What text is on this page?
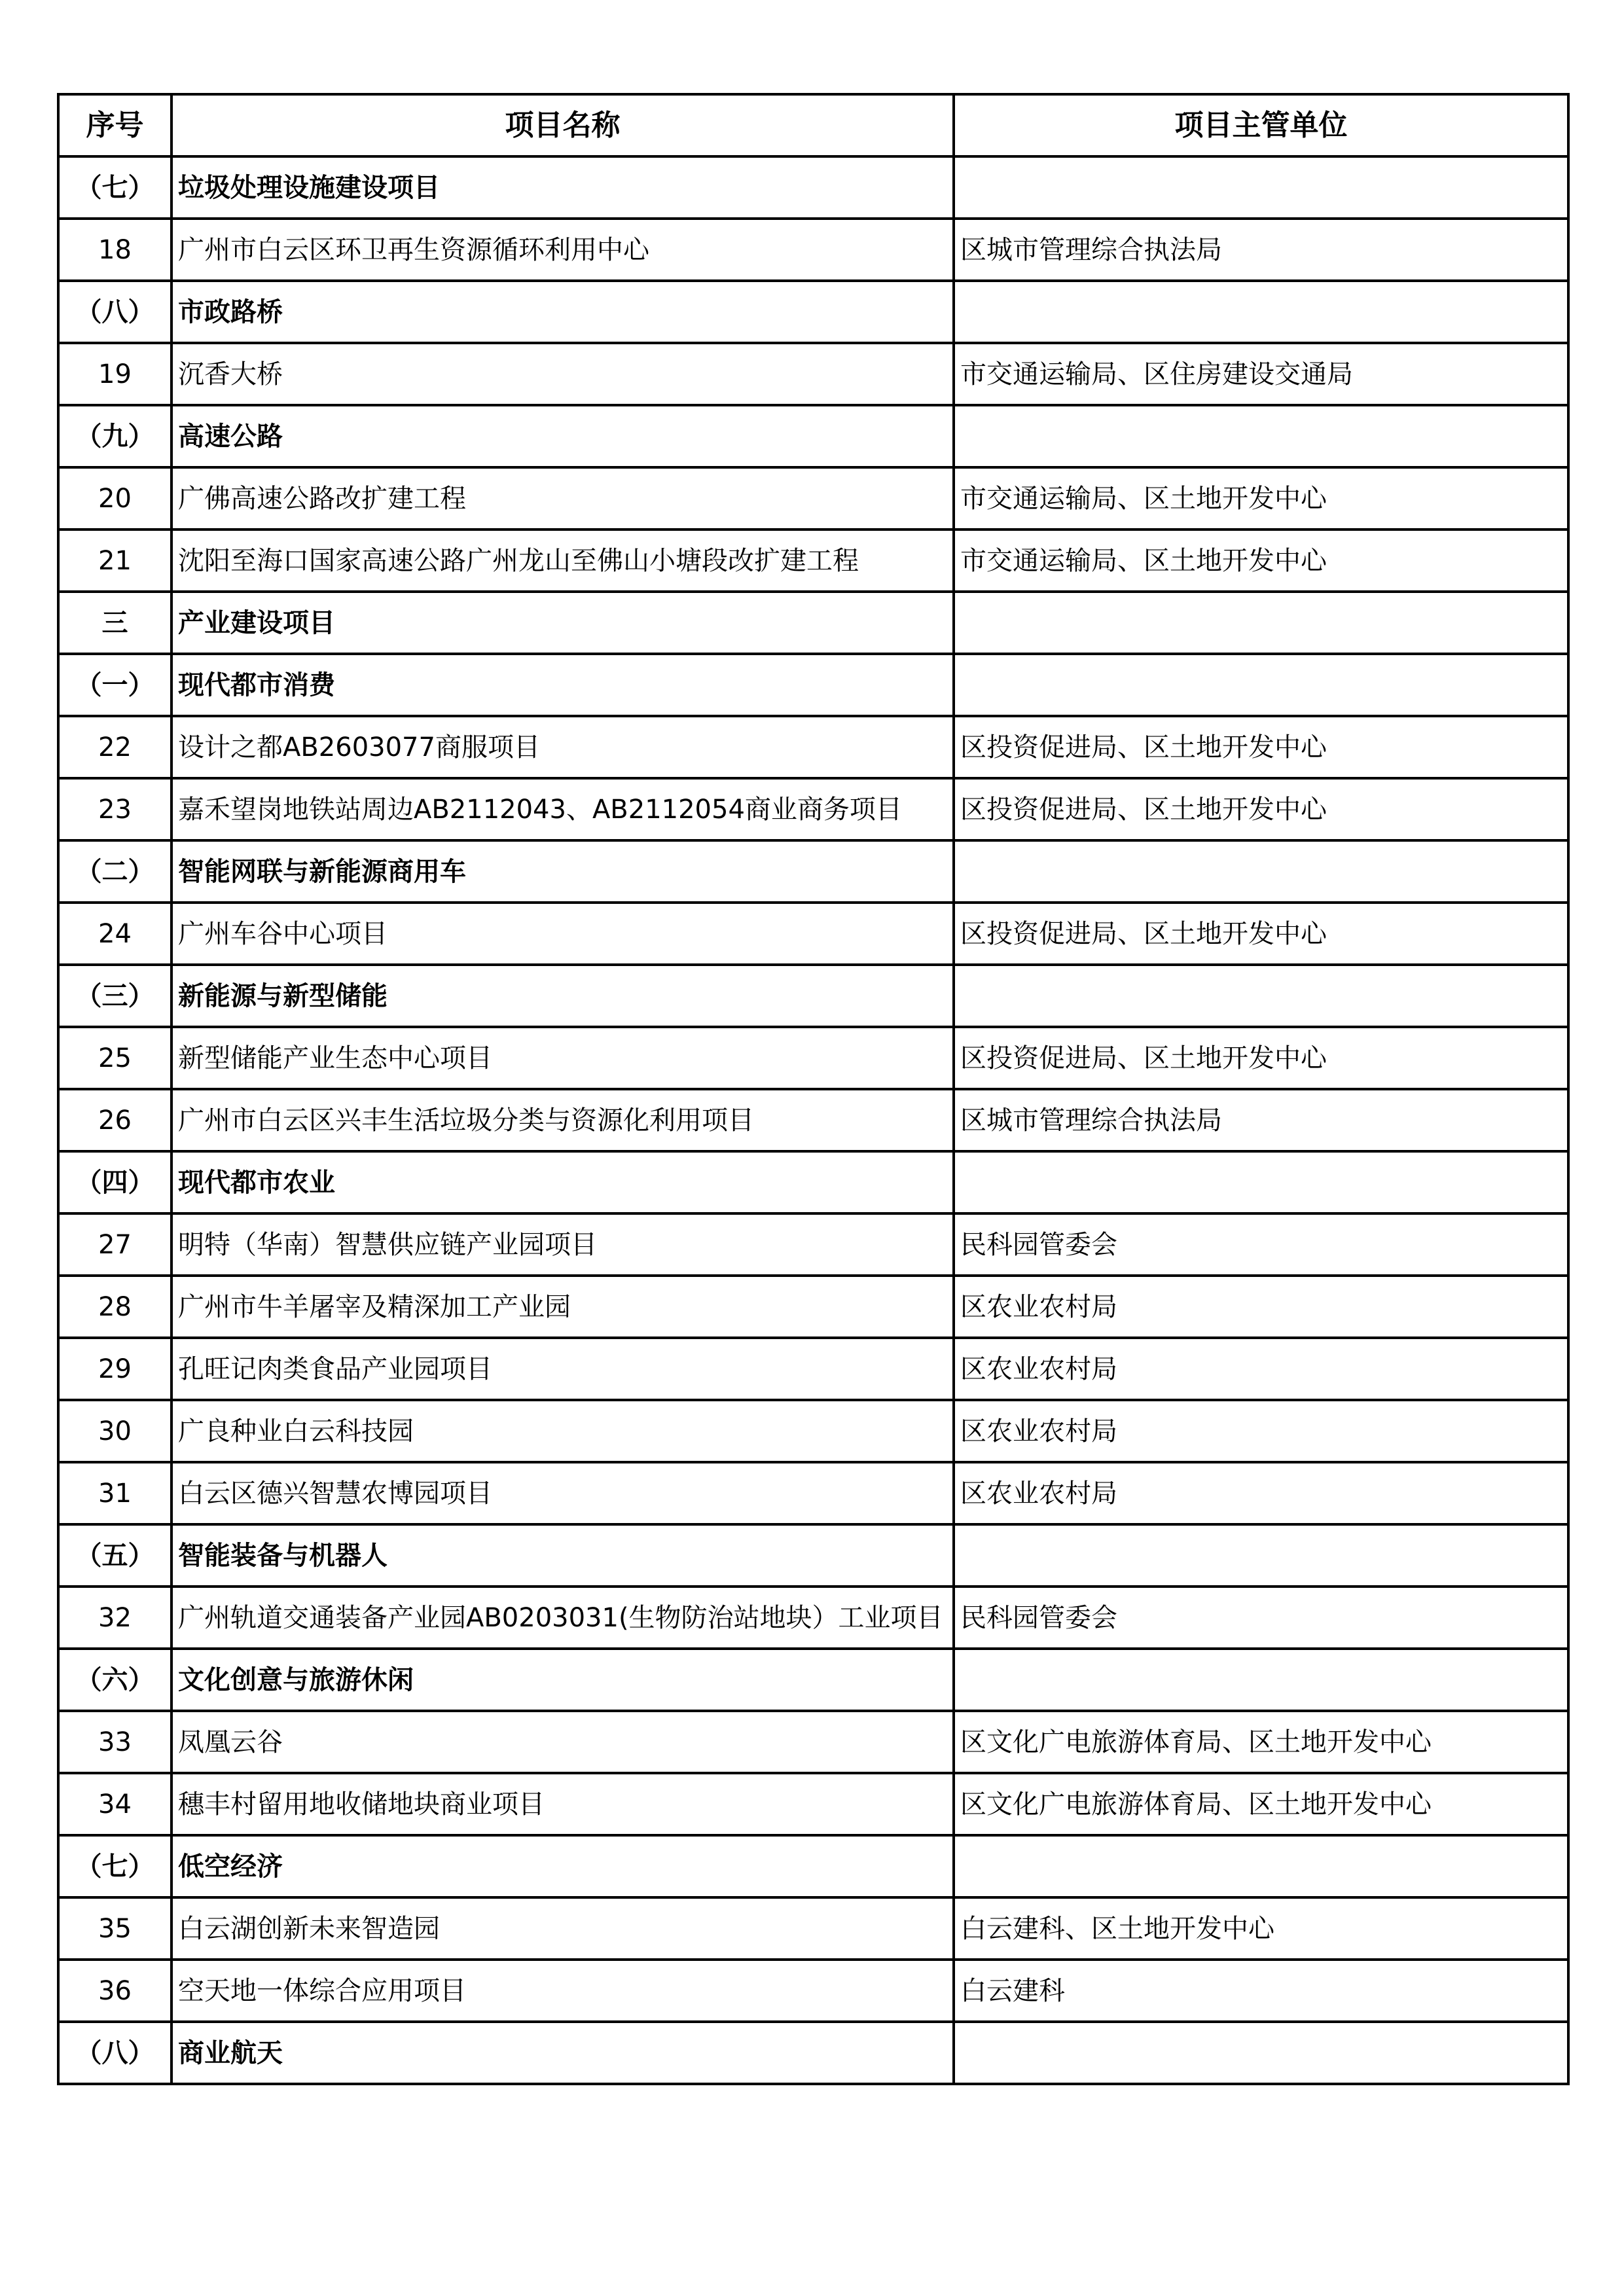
序号	项目名称	项目主管单位
（七）	垃圾处理设施建设项目	
18	广州市白云区环卫再生资源循环利用中心	区城市管理综合执法局
（八）	市政路桥	
19	沉香大桥	市交通运输局、区住房建设交通局
（九）	高速公路	
20	广佛高速公路改扩建工程	市交通运输局、区土地开发中心
21	沈阳至海口国家高速公路广州龙山至佛山小塘段改扩建工程	市交通运输局、区土地开发中心
三	产业建设项目	
（一）	现代都市消费	
22	设计之都AB2603077商服项目	区投资促进局、区土地开发中心
23	嘉禾望岗地铁站周边AB2112043、AB2112054商业商务项目	区投资促进局、区土地开发中心
（二）	智能网联与新能源商用车	
24	广州车谷中心项目	区投资促进局、区土地开发中心
（三）	新能源与新型储能	
25	新型储能产业生态中心项目	区投资促进局、区土地开发中心
26	广州市白云区兴丰生活垃圾分类与资源化利用项目	区城市管理综合执法局
（四）	现代都市农业	
27	明特（华南）智慧供应链产业园项目	民科园管委会
28	广州市牛羊屠宰及精深加工产业园	区农业农村局
29	孔旺记肉类食品产业园项目	区农业农村局
30	广良种业白云科技园	区农业农村局
31	白云区德兴智慧农博园项目	区农业农村局
（五）	智能装备与机器人	
32	广州轨道交通装备产业园AB0203031(生物防治站地块）工业项目	民科园管委会
（六）	文化创意与旅游休闲	
33	凤凰云谷	区文化广电旅游体育局、区土地开发中心
34	穗丰村留用地收储地块商业项目	区文化广电旅游体育局、区土地开发中心
（七）	低空经济	
35	白云湖创新未来智造园	白云建科、区土地开发中心
36	空天地一体综合应用项目	白云建科
（八）	商业航天	
